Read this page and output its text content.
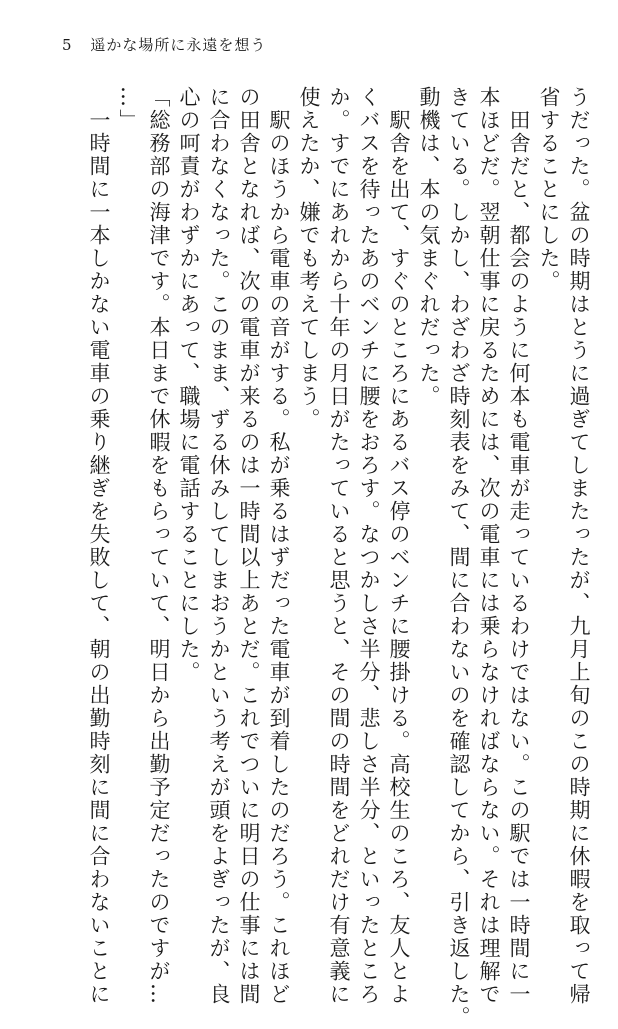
5 遥かな場所に永遠を想う
うだった。盆の時期はとうに過ぎてしまたったが、九月上旬のこの時期に休暇を取って帰
省することにした。
　田舎だと、都会のように何本も電車が走っているわけではない。この駅では一時間に一
本ほどだ。翌朝仕事に戻るためには、次の電車には乗らなければならない。それは理解で
きている。しかし、わざわざ時刻表をみて、間に合わないのを確認してから、引き返した。
動機は、本の気まぐれだった。
　駅舎を出て、すぐのところにあるバス停のベンチに腰掛ける。高校生のころ、友人とよ
くバスを待ったあのベンチに腰をおろす。なつかしさ半分、悲しさ半分、といったところ
か。すでにあれから十年の月日がたっていると思うと、その間の時間をどれだけ有意義に
使えたか、嫌でも考えてしまう。
　駅のほうから電車の音がする。私が乗るはずだった電車が到着したのだろう。これほど
の田舎となれば、次の電車が来るのは一時間以上あとだ。これでついに明日の仕事には間
に合わなくなった。このまま、ずる休みしてしまおうかという考えが頭をよぎったが、良
心の呵責がわずかにあって、職場に電話することにした。
「総務部の海津です。本日まで休暇をもらっていて、明日から出勤予定だったのですが…
…」
　一時間に一本しかない電車の乗り継ぎを失敗して、朝の出勤時刻に間に合わないことに
